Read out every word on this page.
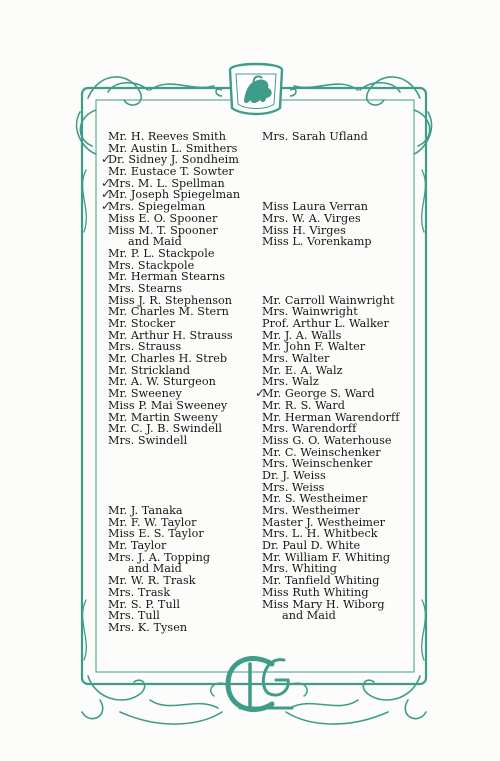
Mr. H. Reeves Smith
Mr. Austin L. Smithers
Dr. Sidney J. Sondheim
Mr. Eustace T. Sowter
Mrs. M. L. Spellman
Mr. Joseph Spiegelman
Mrs. Spiegelman
Miss E. O. Spooner
Miss M. T. Spooner
and Maid
Mr. P. L. Stackpole
Mrs. Stackpole
Mr. Herman Stearns
Mrs. Stearns
Miss J. R. Stephenson
Mr. Charles M. Stern
Mr. Stocker
Mr. Arthur H. Strauss
Mrs. Strauss
Mr. Charles H. Streb
Mr. Strickland
Mr. A. W. Sturgeon
Mr. Sweeney
Miss P. Mai Sweeney
Mr. Martin Sweeny
Mr. C. J. B. Swindell
Mrs. Swindell
Mr. J. Tanaka
Mr. F. W. Taylor
Miss E. S. Taylor
Mr. Taylor
Mrs. J. A. Topping
and Maid
Mr. W. R. Trask
Mrs. Trask
Mr. S. P. Tull
Mrs. Tull
Mrs. K. Tysen
Mrs. Sarah Ufland
Miss Laura Verran
Mrs. W. A. Virges
Miss H. Virges
Miss L. Vorenkamp
Mr. Carroll Wainwright
Mrs. Wainwright
Prof. Arthur L. Walker
Mr. J. A. Walls
Mr. John F. Walter
Mrs. Walter
Mr. E. A. Walz
Mrs. Walz
Mr. George S. Ward
Mr. R. S. Ward
Mr. Herman Warendorff
Mrs. Warendorff
Miss G. O. Waterhouse
Mr. C. Weinschenker
Mrs. Weinschenker
Dr. J. Weiss
Mrs. Weiss
Mr. S. Westheimer
Mrs. Westheimer
Master J. Westheimer
Mrs. L. H. Whitbeck
Dr. Paul D. White
Mr. William F. Whiting
Mrs. Whiting
Mr. Tanfield Whiting
Miss Ruth Whiting
Miss Mary H. Wiborg
and Maid
✓
✓
✓
✓
✓
